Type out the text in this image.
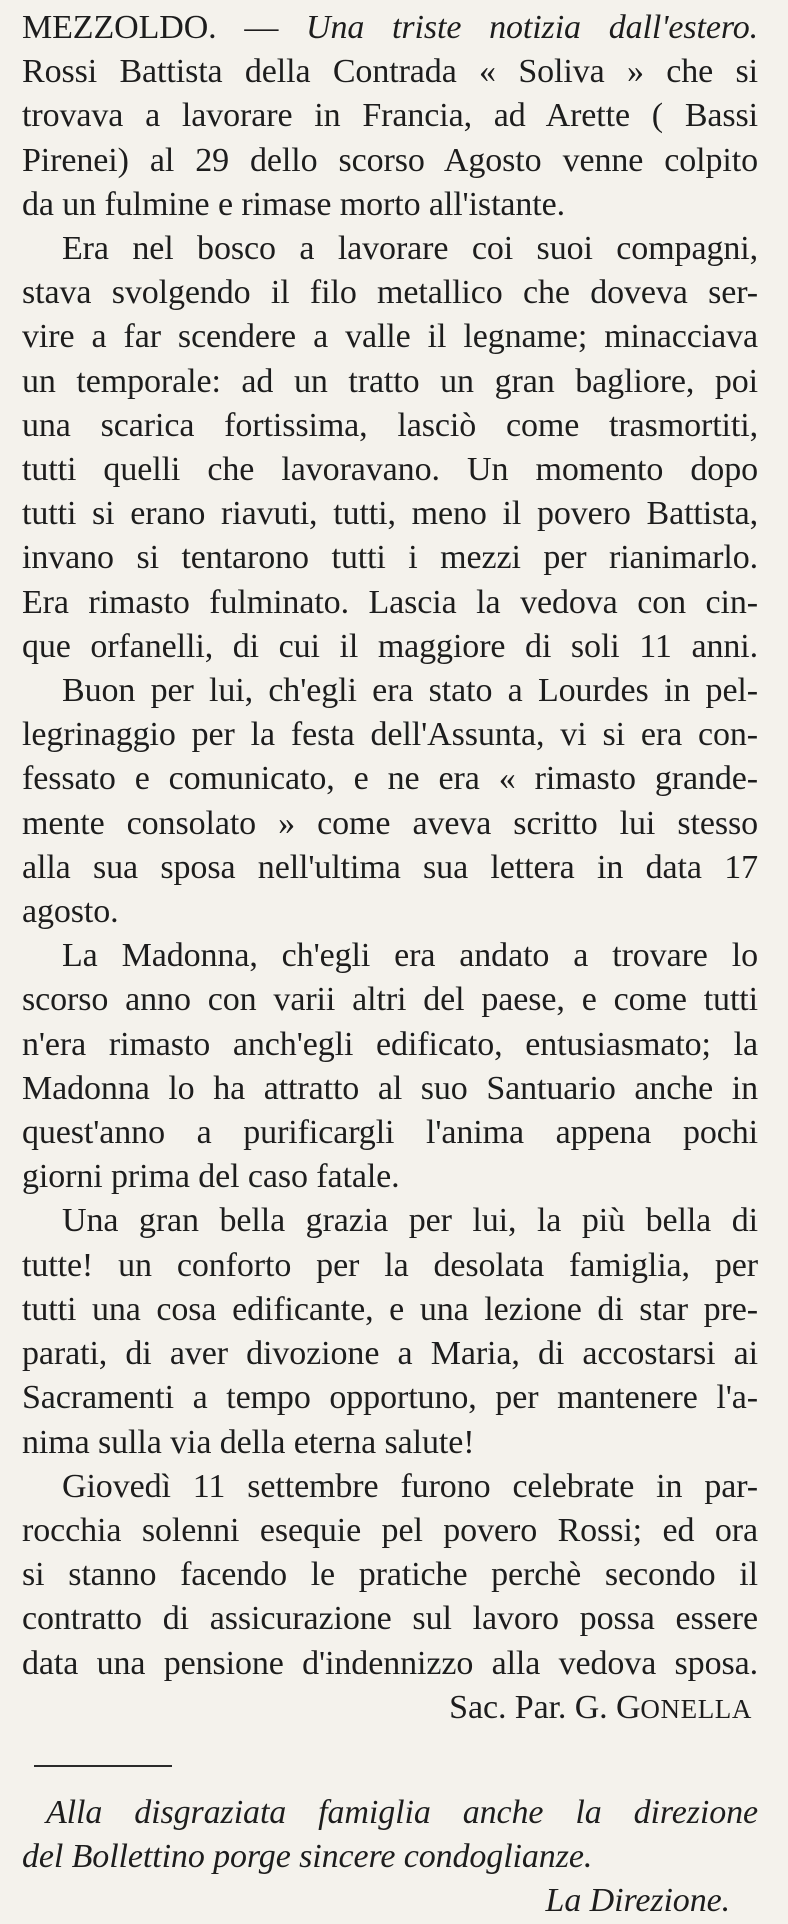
MEZZOLDO. — Una triste notizia dall'estero.
Rossi Battista della Contrada « Soliva » che si
trovava a lavorare in Francia, ad Arette ( Bassi
Pirenei) al 29 dello scorso Agosto venne colpito
da un fulmine e rimase morto all'istante.
Era nel bosco a lavorare coi suoi compagni,
stava svolgendo il filo metallico che doveva ser-
vire a far scendere a valle il legname; minacciava
un temporale: ad un tratto un gran bagliore, poi
una scarica fortissima, lasciò come trasmortiti,
tutti quelli che lavoravano. Un momento dopo
tutti si erano riavuti, tutti, meno il povero Battista,
invano si tentarono tutti i mezzi per rianimarlo.
Era rimasto fulminato. Lascia la vedova con cin-
que orfanelli, di cui il maggiore di soli 11 anni.
Buon per lui, ch'egli era stato a Lourdes in pel-
legrinaggio per la festa dell'Assunta, vi si era con-
fessato e comunicato, e ne era « rimasto grande-
mente consolato » come aveva scritto lui stesso
alla sua sposa nell'ultima sua lettera in data 17
agosto.
La Madonna, ch'egli era andato a trovare lo
scorso anno con varii altri del paese, e come tutti
n'era rimasto anch'egli edificato, entusiasmato; la
Madonna lo ha attratto al suo Santuario anche in
quest'anno a purificargli l'anima appena pochi
giorni prima del caso fatale.
Una gran bella grazia per lui, la più bella di
tutte! un conforto per la desolata famiglia, per
tutti una cosa edificante, e una lezione di star pre-
parati, di aver divozione a Maria, di accostarsi ai
Sacramenti a tempo opportuno, per mantenere l'a-
nima sulla via della eterna salute!
Giovedì 11 settembre furono celebrate in par-
rocchia solenni esequie pel povero Rossi; ed ora
si stanno facendo le pratiche perchè secondo il
contratto di assicurazione sul lavoro possa essere
data una pensione d'indennizzo alla vedova sposa.
Sac. Par. G. GONELLA
Alla disgraziata famiglia anche la direzione
del Bollettino porge sincere condoglianze.
La Direzione.
